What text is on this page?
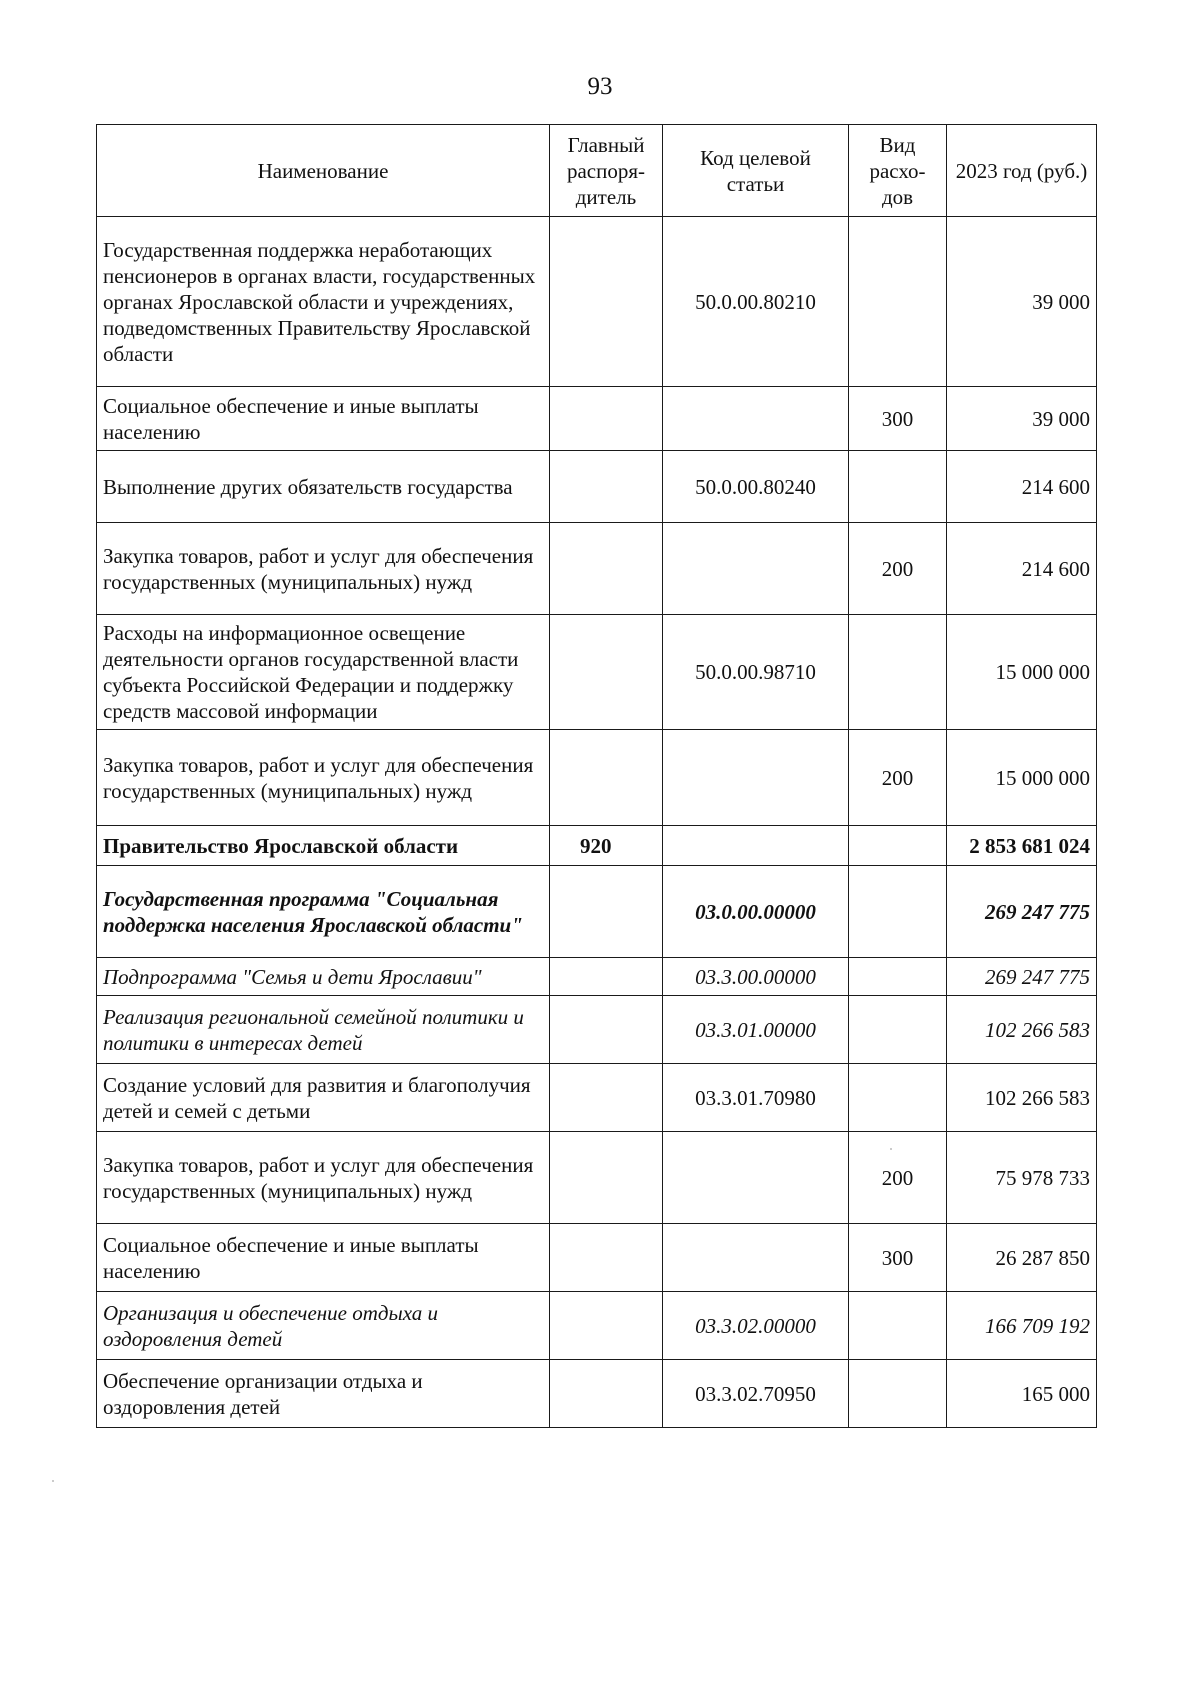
93
Наименование	Главный распоря-дитель	Код целевой статьи	Вид расхо-дов	2023 год (руб.)
Государственная поддержка неработающих пенсионеров в органах власти, государственных органах Ярославской области и учреждениях, подведомственных Правительству Ярославской области		50.0.00.80210		39 000
Социальное обеспечение и иные выплаты населению			300	39 000
Выполнение других обязательств государства		50.0.00.80240		214 600
Закупка товаров, работ и услуг для обеспечения государственных (муниципальных) нужд			200	214 600
Расходы на информационное освещение деятельности органов государственной власти субъекта Российской Федерации и поддержку средств массовой информации		50.0.00.98710		15 000 000
Закупка товаров, работ и услуг для обеспечения государственных (муниципальных) нужд			200	15 000 000
Правительство Ярославской области	920			2 853 681 024
Государственная программа "Социальная поддержка населения Ярославской области"		03.0.00.00000		269 247 775
Подпрограмма "Семья и дети Ярославии"		03.3.00.00000		269 247 775
Реализация региональной семейной политики и политики в интересах детей		03.3.01.00000		102 266 583
Создание условий для развития и благополучия детей и семей с детьми		03.3.01.70980		102 266 583
Закупка товаров, работ и услуг для обеспечения государственных (муниципальных) нужд			200	75 978 733
Социальное обеспечение и иные выплаты населению			300	26 287 850
Организация и обеспечение отдыха и оздоровления детей		03.3.02.00000		166 709 192
Обеспечение организации отдыха и оздоровления детей		03.3.02.70950		165 000
